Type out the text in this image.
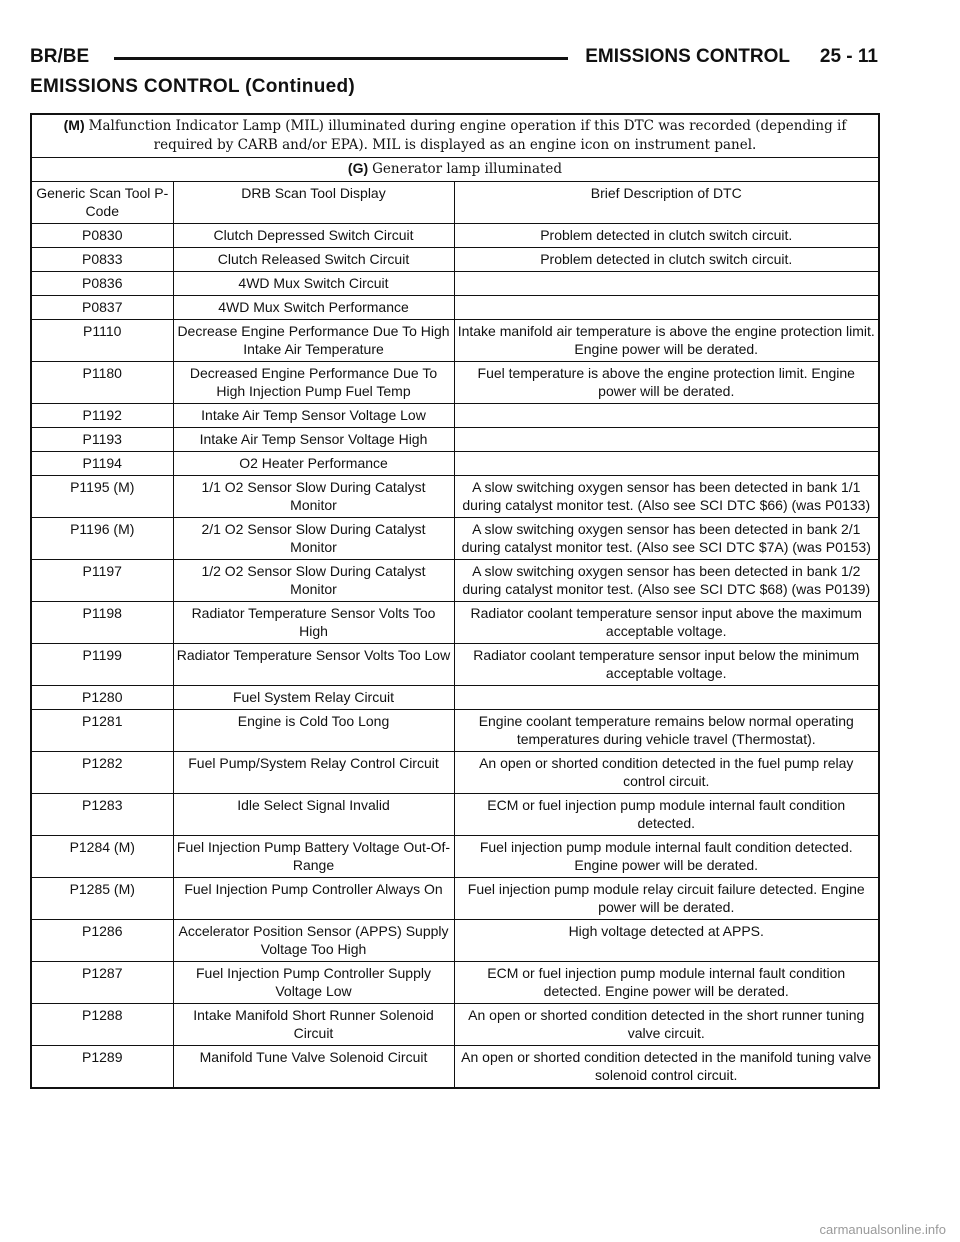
BR/BE	EMISSIONS CONTROL 25 - 11
EMISSIONS CONTROL (Continued)
(M) Malfunction Indicator Lamp (MIL) illuminated during engine operation if this DTC was recorded (depending if required by CARB and/or EPA). MIL is displayed as an engine icon on instrument panel.		
(G) Generator lamp illuminated		
Generic Scan Tool P-Code	DRB Scan Tool Display	Brief Description of DTC
P0830	Clutch Depressed Switch Circuit	Problem detected in clutch switch circuit.
P0833	Clutch Released Switch Circuit	Problem detected in clutch switch circuit.
P0836	4WD Mux Switch Circuit	
P0837	4WD Mux Switch Performance	
P1110	Decrease Engine Performance Due To High Intake Air Temperature	Intake manifold air temperature is above the engine protection limit. Engine power will be derated.
P1180	Decreased Engine Performance Due To High Injection Pump Fuel Temp	Fuel temperature is above the engine protection limit. Engine power will be derated.
P1192	Intake Air Temp Sensor Voltage Low	
P1193	Intake Air Temp Sensor Voltage High	
P1194	O2 Heater Performance	
P1195 (M)	1/1 O2 Sensor Slow During Catalyst Monitor	A slow switching oxygen sensor has been detected in bank 1/1 during catalyst monitor test. (Also see SCI DTC $66) (was P0133)
P1196 (M)	2/1 O2 Sensor Slow During Catalyst Monitor	A slow switching oxygen sensor has been detected in bank 2/1 during catalyst monitor test. (Also see SCI DTC $7A) (was P0153)
P1197	1/2 O2 Sensor Slow During Catalyst Monitor	A slow switching oxygen sensor has been detected in bank 1/2 during catalyst monitor test. (Also see SCI DTC $68) (was P0139)
P1198	Radiator Temperature Sensor Volts Too High	Radiator coolant temperature sensor input above the maximum acceptable voltage.
P1199	Radiator Temperature Sensor Volts Too Low	Radiator coolant temperature sensor input below the minimum acceptable voltage.
P1280	Fuel System Relay Circuit	
P1281	Engine is Cold Too Long	Engine coolant temperature remains below normal operating temperatures during vehicle travel (Thermostat).
P1282	Fuel Pump/System Relay Control Circuit	An open or shorted condition detected in the fuel pump relay control circuit.
P1283	Idle Select Signal Invalid	ECM or fuel injection pump module internal fault condition detected.
P1284 (M)	Fuel Injection Pump Battery Voltage Out-Of-Range	Fuel injection pump module internal fault condition detected. Engine power will be derated.
P1285 (M)	Fuel Injection Pump Controller Always On	Fuel injection pump module relay circuit failure detected. Engine power will be derated.
P1286	Accelerator Position Sensor (APPS) Supply Voltage Too High	High voltage detected at APPS.
P1287	Fuel Injection Pump Controller Supply Voltage Low	ECM or fuel injection pump module internal fault condition detected. Engine power will be derated.
P1288	Intake Manifold Short Runner Solenoid Circuit	An open or shorted condition detected in the short runner tuning valve circuit.
P1289	Manifold Tune Valve Solenoid Circuit	An open or shorted condition detected in the manifold tuning valve solenoid control circuit.
carmanualsonline.info
